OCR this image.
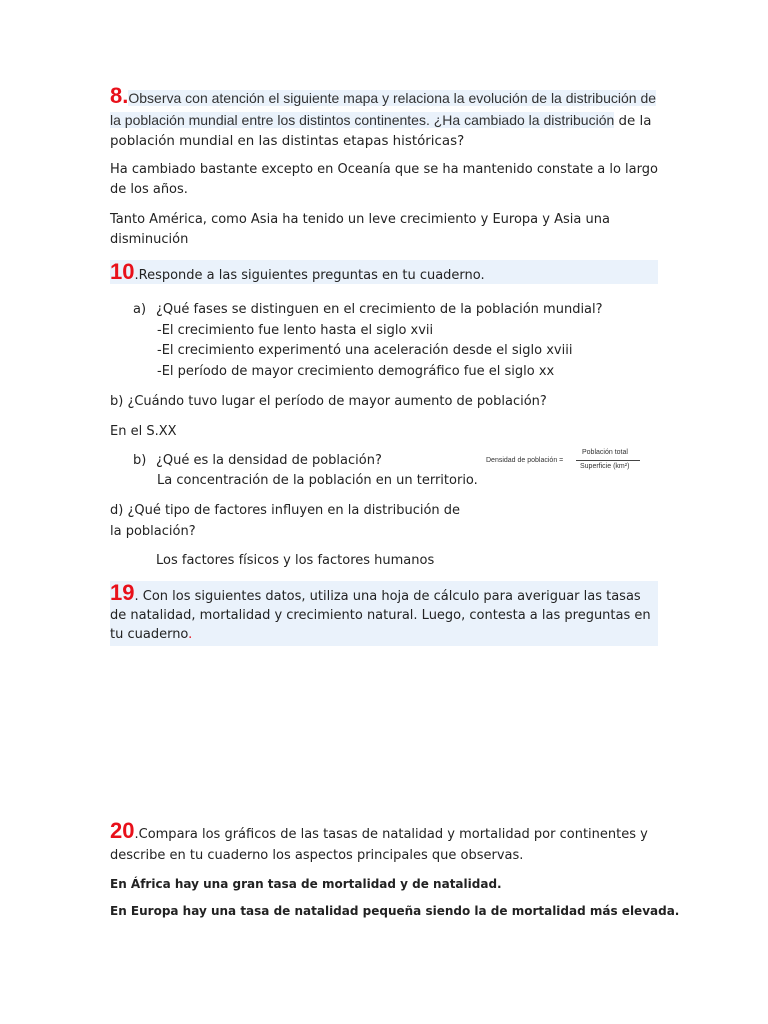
8.Observa con atención el siguiente mapa y relaciona la evolución de la distribución de la población mundial entre los distintos continentes. ¿Ha cambiado la distribución de la población mundial en las distintas etapas históricas?
Ha cambiado bastante excepto en Oceanía que se ha mantenido constate a lo largo de los años.
Tanto América, como Asia ha tenido un leve crecimiento y Europa y Asia una disminución
10.Responde a las siguientes preguntas en tu cuaderno.
a) ¿Qué fases se distinguen en el crecimiento de la población mundial?
-El crecimiento fue lento hasta el siglo xvii
-El crecimiento experimentó una aceleración desde el siglo xviii
-El período de mayor crecimiento demográfico fue el siglo xx
b) ¿Cuándo tuvo lugar el período de mayor aumento de población?
En el S.XX
b) ¿Qué es la densidad de población?
La concentración de la población en un territorio.
Densidad de población =
Población total
Superficie (km²)
d) ¿Qué tipo de factores influyen en la distribución de la población?
Los factores físicos y los factores humanos
19. Con los siguientes datos, utiliza una hoja de cálculo para averiguar las tasas de natalidad, mortalidad y crecimiento natural. Luego, contesta a las preguntas en tu cuaderno.
20.Compara los gráficos de las tasas de natalidad y mortalidad por continentes y describe en tu cuaderno los aspectos principales que observas.
En África hay una gran tasa de mortalidad y de natalidad.
En Europa hay una tasa de natalidad pequeña siendo la de mortalidad más elevada.
